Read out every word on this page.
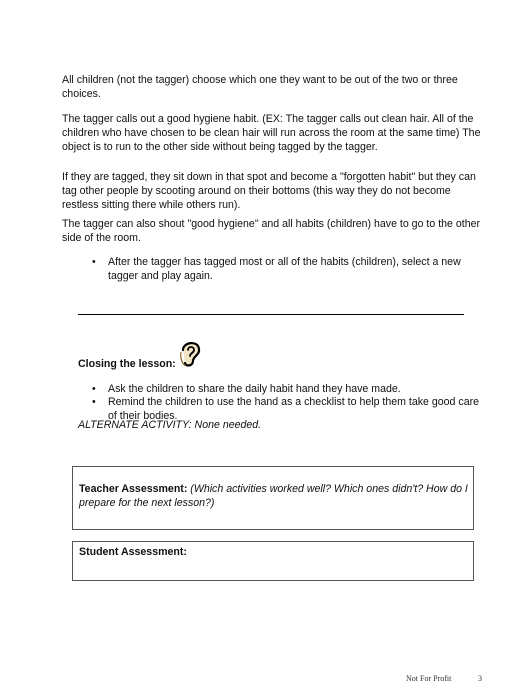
All children (not the tagger) choose which one they want to be out of the two or three choices.

The tagger calls out a good hygiene habit. (EX: The tagger calls out clean hair. All of the children who have chosen to be clean hair will run across the room at the same time) The object is to run to the other side without being tagged by the tagger.

If they are tagged, they sit down in that spot and become a "forgotten habit" but they can tag other people by scooting around on their bottoms (this way they do not become restless sitting there while others run).

The tagger can also shout "good hygiene" and all habits (children) have to go to the other side of the room.

• After the tagger has tagged most or all of the habits (children), select a new
tagger and play again.
Closing the lesson:
• Ask the children to share the daily habit hand they have made.
• Remind the children to use the hand as a checklist to help them take good care
of their bodies.
ALTERNATE ACTIVITY: None needed.
Teacher Assessment: (Which activities worked well? Which ones didn't? How do I prepare for the next lesson?)
Student Assessment:
Not For Profit	3
